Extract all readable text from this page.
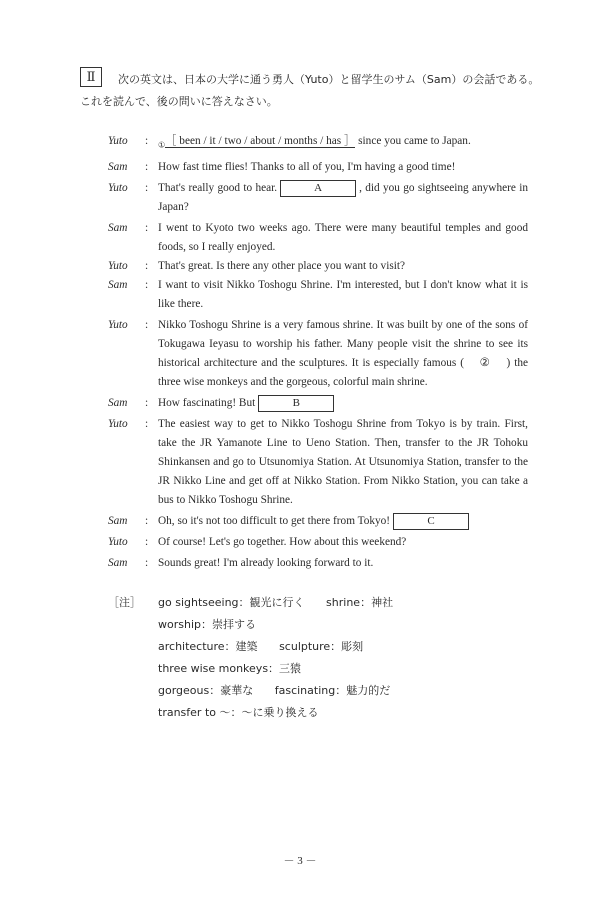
Ⅱ	次の英文は、日本の大学に通う勇人（Yuto）と留学生のサム（Sam）の会話である。
これを読んで、後の問いに答えなさい。
Yuto	: $_①$［ been / it / two / about / months / has ］ since you came to Japan.
Sam	: How fast time flies! Thanks to all of you, I'm having a good time!
Yuto	: That's really good to hear.	A	, did you go sightseeing anywhere in Japan?
Sam	: I went to Kyoto two weeks ago. There were many beautiful temples and good foods, so I really enjoyed.
Yuto	: That's great. Is there any other place you want to visit?
Sam	: I want to visit Nikko Toshogu Shrine. I'm interested, but I don't know what it is like there.
Yuto	: Nikko Toshogu Shrine is a very famous shrine. It was built by one of the sons of Tokugawa Ieyasu to worship his father. Many people visit the shrine to see its historical architecture and the sculptures. It is especially famous ( ② ) the three wise monkeys and the gorgeous, colorful main shrine.
Sam	: How fascinating! But	B
Yuto	: The easiest way to get to Nikko Toshogu Shrine from Tokyo is by train. First, take the JR Yamanote Line to Ueno Station. Then, transfer to the JR Tohoku Shinkansen and go to Utsunomiya Station. At Utsunomiya Station, transfer to the JR Nikko Line and get off at Nikko Station. From Nikko Station, you can take a bus to Nikko Toshogu Shrine.
Sam	: Oh, so it's not too difficult to get there from Tokyo!	C
Yuto	: Of course! Let's go together. How about this weekend?
Sam	: Sounds great! I'm already looking forward to it.
［注］ go sightseeing：観光に行く shrine：神社 worship：崇拝する
architecture：建築 sculpture：彫刻 three wise monkeys：三猿
gorgeous：豪華な fascinating：魅力的だ
transfer to ～：～に乗り換える
－ 3 －
